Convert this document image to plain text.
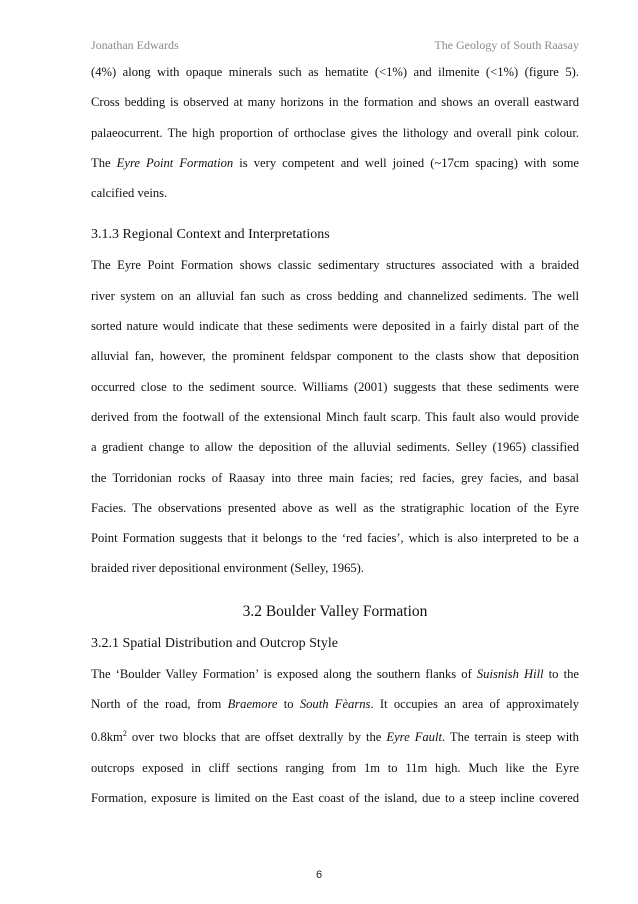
Jonathan Edwards	The Geology of South Raasay

(4%) along with opaque minerals such as hematite (<1%) and ilmenite (<1%) (figure 5).

Cross bedding is observed at many horizons in the formation and shows an overall eastward

palaeocurrent. The high proportion of orthoclase gives the lithology and overall pink colour.

The Eyre Point Formation is very competent and well joined (~17cm spacing) with some

calcified veins.

3.1.3 Regional Context and Interpretations

The Eyre Point Formation shows classic sedimentary structures associated with a braided

river system on an alluvial fan such as cross bedding and channelized sediments. The well

sorted nature would indicate that these sediments were deposited in a fairly distal part of the

alluvial fan, however, the prominent feldspar component to the clasts show that deposition

occurred close to the sediment source. Williams (2001) suggests that these sediments were

derived from the footwall of the extensional Minch fault scarp. This fault also would provide

a gradient change to allow the deposition of the alluvial sediments. Selley (1965) classified

the Torridonian rocks of Raasay into three main facies; red facies, grey facies, and basal

Facies. The observations presented above as well as the stratigraphic location of the Eyre

Point Formation suggests that it belongs to the ‘red facies’, which is also interpreted to be a

braided river depositional environment (Selley, 1965).

3.2 Boulder Valley Formation
3.2.1 Spatial Distribution and Outcrop Style

The ‘Boulder Valley Formation’ is exposed along the southern flanks of Suisnish Hill to the

North of the road, from Braemore to South Fèarns. It occupies an area of approximately

$0.8km^2$ over two blocks that are offset dextrally by the Eyre Fault. The terrain is steep with

outcrops exposed in cliff sections ranging from 1m to 11m high. Much like the Eyre

Formation, exposure is limited on the East coast of the island, due to a steep incline covered

6
